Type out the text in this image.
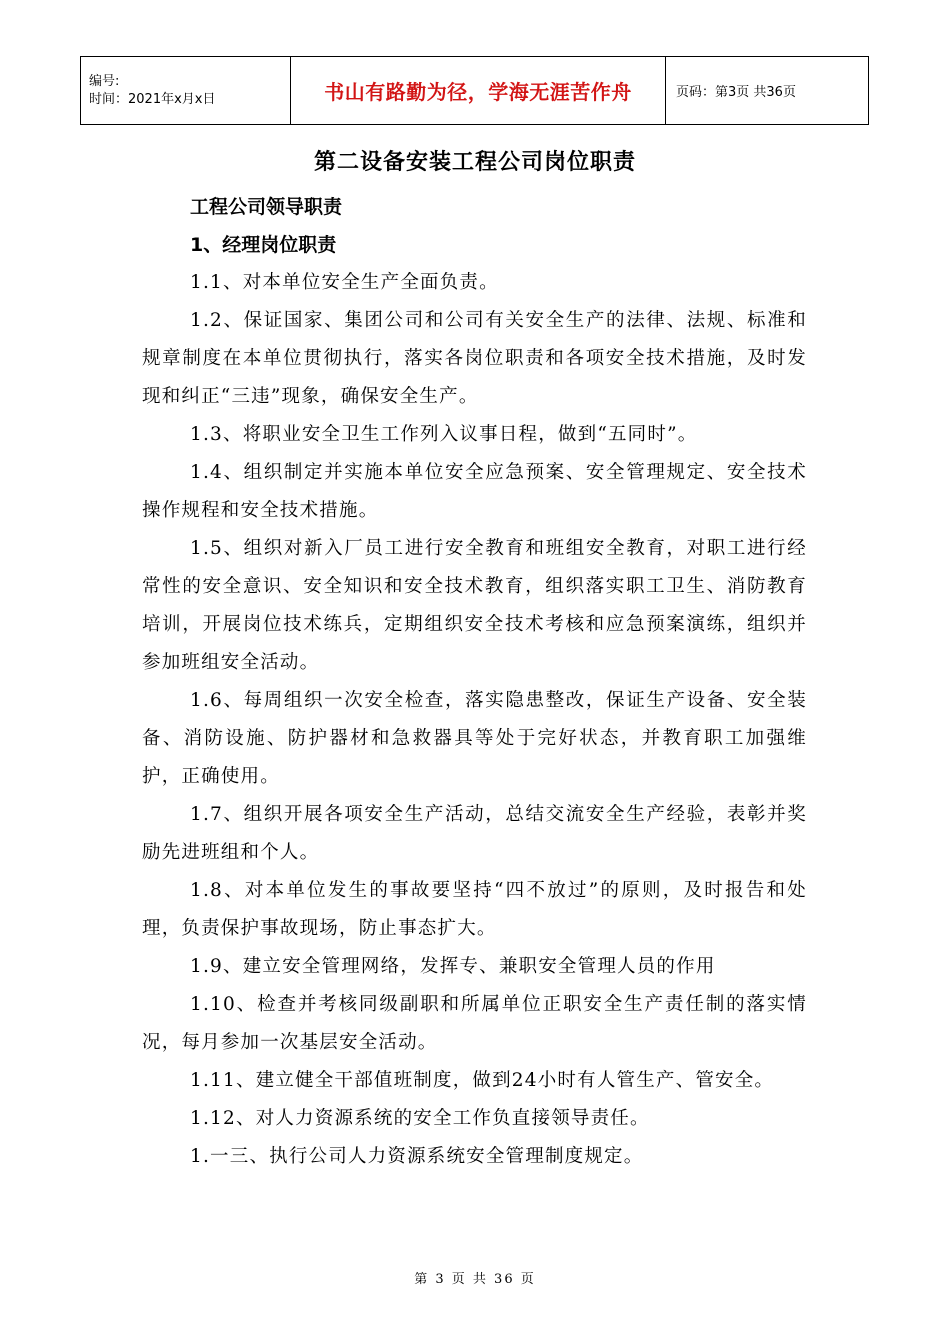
编号:
时间：2021年x月x日	书山有路勤为径，学海无涯苦作舟	页码：第3页 共36页
第二设备安装工程公司岗位职责

工程公司领导职责

1、经理岗位职责

1.1、对本单位安全生产全面负责。

1.2、保证国家、集团公司和公司有关安全生产的法律、法规、标准和规章制度在本单位贯彻执行，落实各岗位职责和各项安全技术措施，及时发现和纠正“三违”现象，确保安全生产。

1.3、将职业安全卫生工作列入议事日程，做到“五同时”。

1.4、组织制定并实施本单位安全应急预案、安全管理规定、安全技术操作规程和安全技术措施。

1.5、组织对新入厂员工进行安全教育和班组安全教育，对职工进行经常性的安全意识、安全知识和安全技术教育，组织落实职工卫生、消防教育培训，开展岗位技术练兵，定期组织安全技术考核和应急预案演练，组织并参加班组安全活动。

1.6、每周组织一次安全检查，落实隐患整改，保证生产设备、安全装备、消防设施、防护器材和急救器具等处于完好状态，并教育职工加强维护，正确使用。

1.7、组织开展各项安全生产活动，总结交流安全生产经验，表彰并奖励先进班组和个人。

1.8、对本单位发生的事故要坚持“四不放过”的原则，及时报告和处理，负责保护事故现场，防止事态扩大。

1.9、建立安全管理网络，发挥专、兼职安全管理人员的作用

1.10、检查并考核同级副职和所属单位正职安全生产责任制的落实情况，每月参加一次基层安全活动。

1.11、建立健全干部值班制度，做到24小时有人管生产、管安全。

1.12、对人力资源系统的安全工作负直接领导责任。

1.一三、执行公司人力资源系统安全管理制度规定。

第 3 页 共 36 页
